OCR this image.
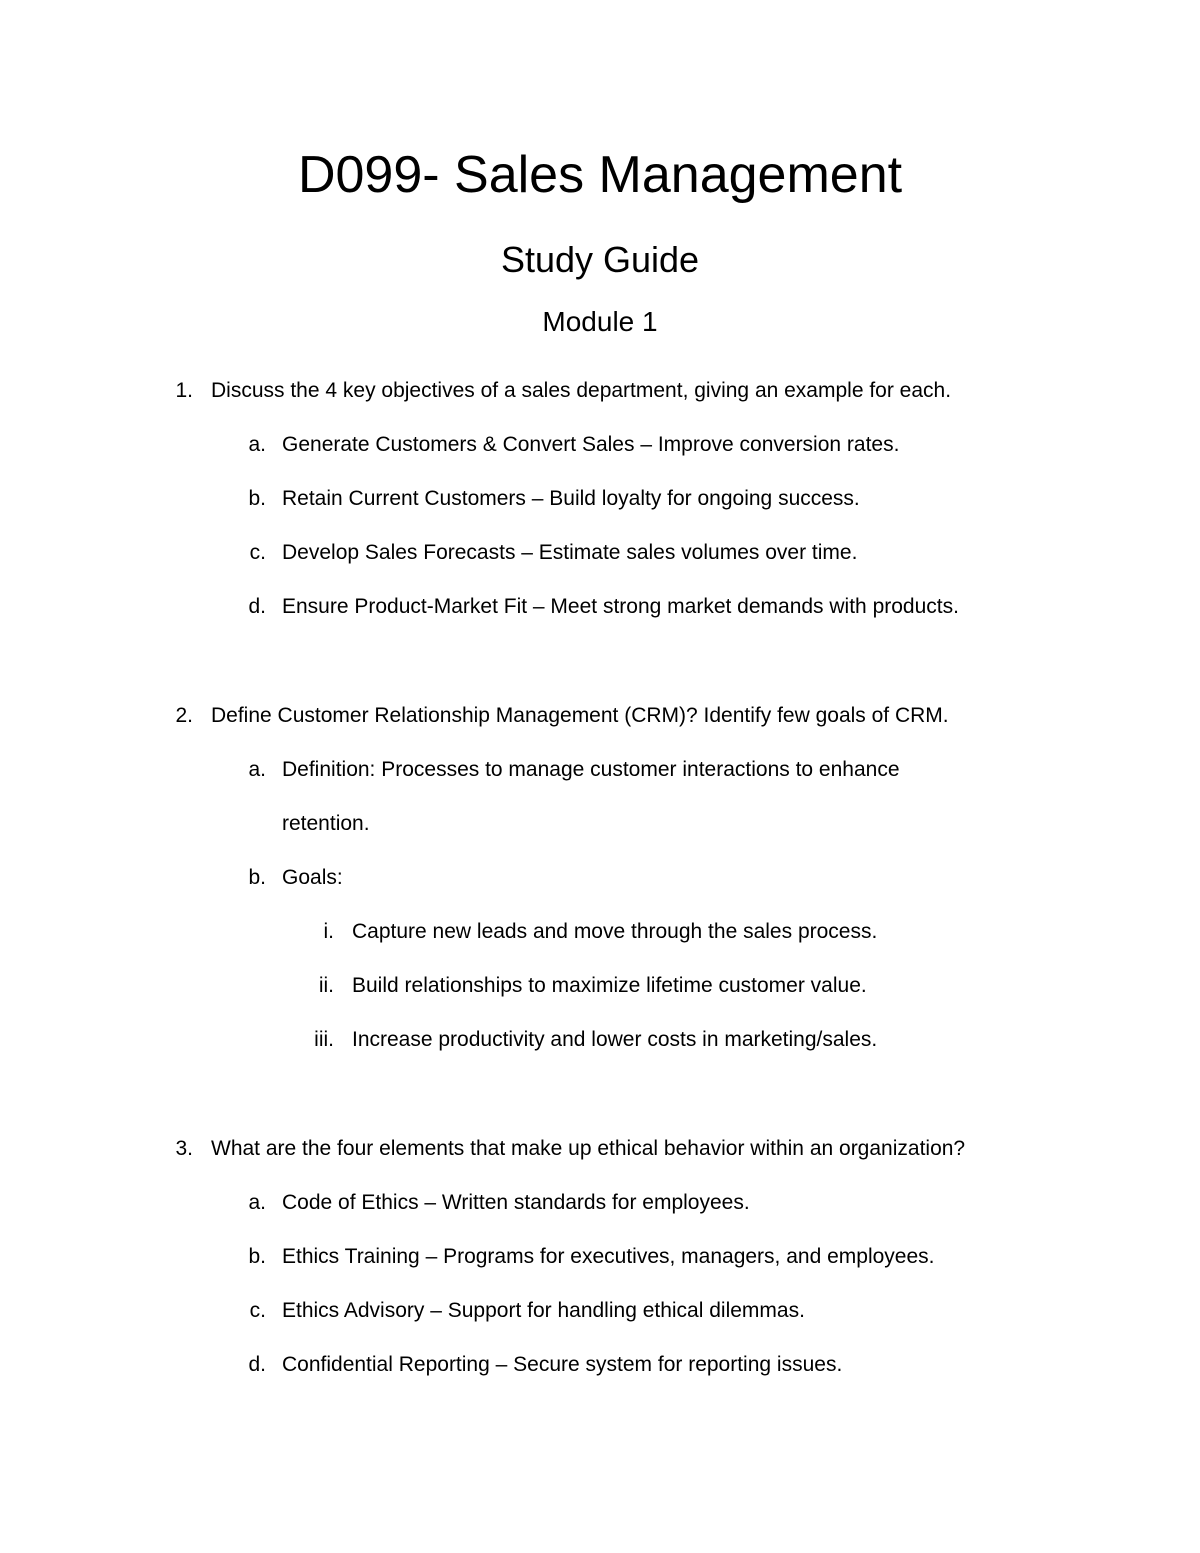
D099- Sales Management
Study Guide
Module 1
1. Discuss the 4 key objectives of a sales department, giving an example for each.
a. Generate Customers & Convert Sales – Improve conversion rates.
b. Retain Current Customers – Build loyalty for ongoing success.
c. Develop Sales Forecasts – Estimate sales volumes over time.
d. Ensure Product-Market Fit – Meet strong market demands with products.
2. Define Customer Relationship Management (CRM)? Identify few goals of CRM.
a. Definition: Processes to manage customer interactions to enhance
retention.
b. Goals:
i. Capture new leads and move through the sales process.
ii. Build relationships to maximize lifetime customer value.
iii. Increase productivity and lower costs in marketing/sales.
3. What are the four elements that make up ethical behavior within an organization?
a. Code of Ethics – Written standards for employees.
b. Ethics Training – Programs for executives, managers, and employees.
c. Ethics Advisory – Support for handling ethical dilemmas.
d. Confidential Reporting – Secure system for reporting issues.
